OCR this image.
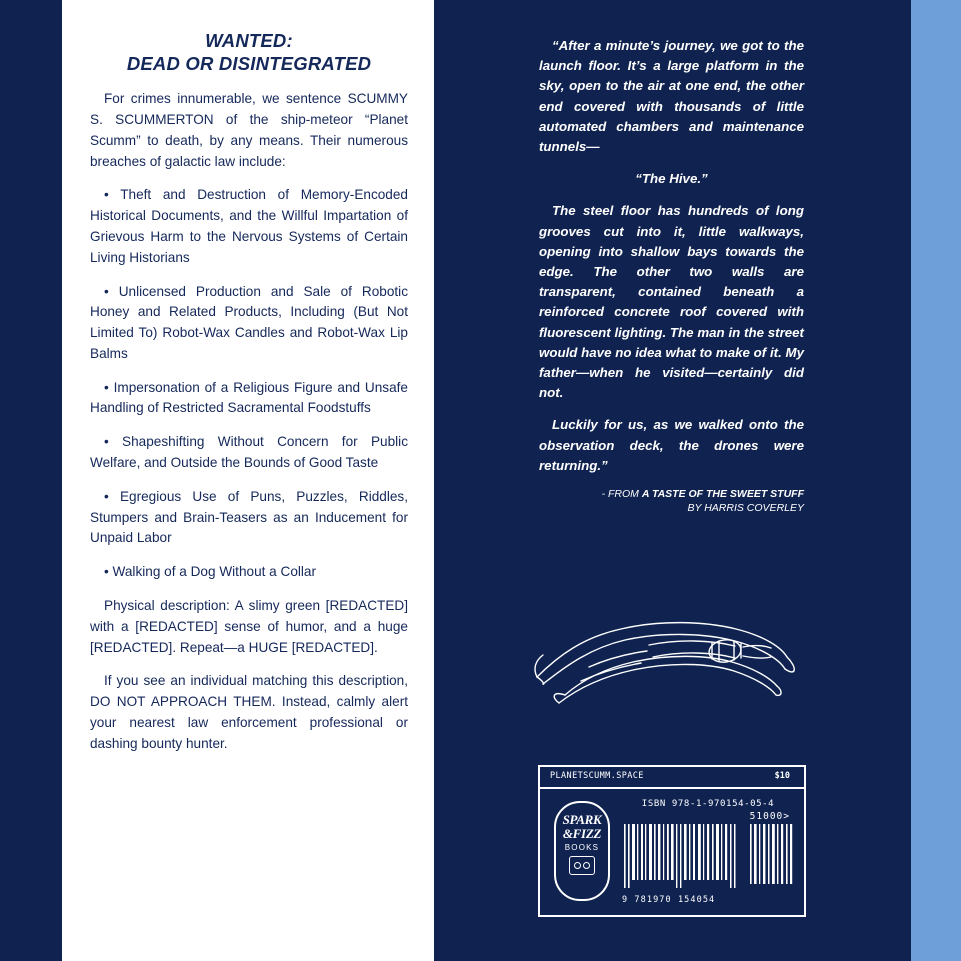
WANTED:
DEAD OR DISINTEGRATED

For crimes innumerable, we sentence SCUMMY S. SCUMMERTON of the ship-meteor “Planet Scumm” to death, by any means. Their numerous breaches of galactic law include:

• Theft and Destruction of Memory-Encoded Historical Documents, and the Willful Impartation of Grievous Harm to the Nervous Systems of Certain Living Historians

• Unlicensed Production and Sale of Robotic Honey and Related Products, Including (But Not Limited To) Robot-Wax Candles and Robot-Wax Lip Balms

• Impersonation of a Religious Figure and Unsafe Handling of Restricted Sacramental Foodstuffs

• Shapeshifting Without Concern for Public Welfare, and Outside the Bounds of Good Taste

• Egregious Use of Puns, Puzzles, Riddles, Stumpers and Brain-Teasers as an Inducement for Unpaid Labor

• Walking of a Dog Without a Collar

Physical description: A slimy green [REDACTED] with a [REDACTED] sense of humor, and a huge [REDACTED]. Repeat—a HUGE [REDACTED].

If you see an individual matching this description, DO NOT APPROACH THEM. Instead, calmly alert your nearest law enforcement professional or dashing bounty hunter.

“After a minute’s journey, we got to the launch floor. It’s a large platform in the sky, open to the air at one end, the other end covered with thousands of little automated chambers and maintenance tunnels—

“The Hive.”

The steel floor has hundreds of long grooves cut into it, little walkways, opening into shallow bays towards the edge. The other two walls are transparent, contained beneath a reinforced concrete roof covered with fluorescent lighting. The man in the street would have no idea what to make of it. My father—when he visited—certainly did not.

Luckily for us, as we walked onto the observation deck, the drones were returning.”

- FROM A TASTE OF THE SWEET STUFF
BY HARRIS COVERLEY
PLANETSCUMM.SPACE	$10
SPARK
&FIZZ
BOOKS
ISBN 978-1-970154-05-4
51000>
9 781970 154054
